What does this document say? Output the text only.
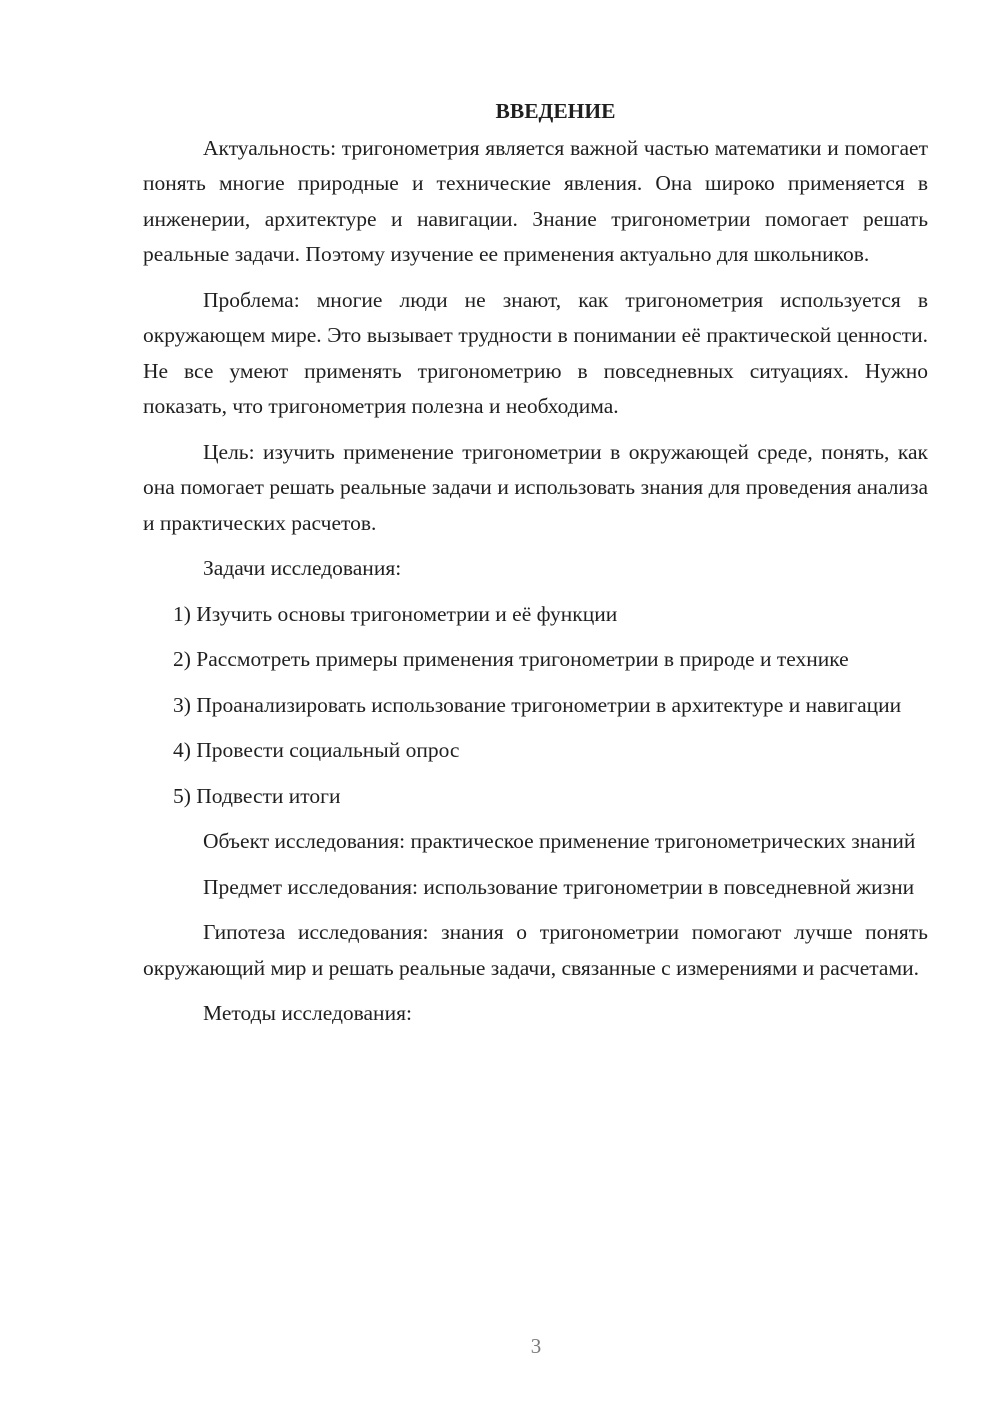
ВВЕДЕНИЕ

Актуальность: тригонометрия является важной частью математики и помогает понять многие природные и технические явления. Она широко применяется в инженерии, архитектуре и навигации. Знание тригонометрии помогает решать реальные задачи. Поэтому изучение ее применения актуально для школьников.

Проблема: многие люди не знают, как тригонометрия используется в окружающем мире. Это вызывает трудности в понимании её практической ценности. Не все умеют применять тригонометрию в повседневных ситуациях. Нужно показать, что тригонометрия полезна и необходима.

Цель: изучить применение тригонометрии в окружающей среде, понять, как она помогает решать реальные задачи и использовать знания для проведения анализа и практических расчетов.

Задачи исследования:

1) Изучить основы тригонометрии и её функции

2) Рассмотреть примеры применения тригонометрии в природе и технике

3) Проанализировать использование тригонометрии в архитектуре и навигации

4) Провести социальный опрос

5) Подвести итоги

Объект исследования: практическое применение тригонометрических знаний

Предмет исследования: использование тригонометрии в повседневной жизни

Гипотеза исследования: знания о тригонометрии помогают лучше понять окружающий мир и решать реальные задачи, связанные с измерениями и расчетами.

Методы исследования:

3
